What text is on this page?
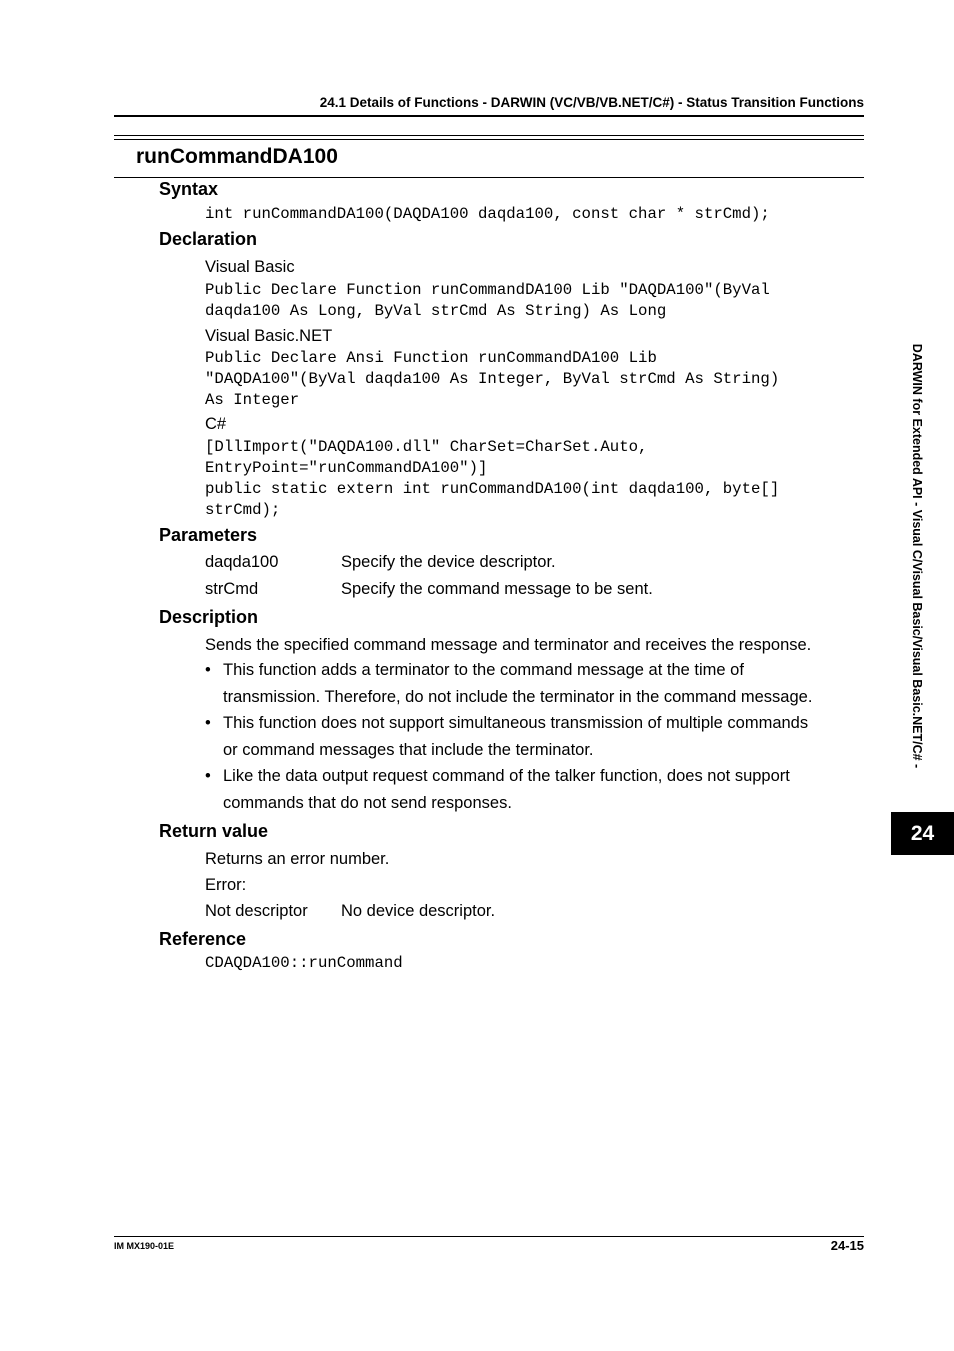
24.1 Details of Functions - DARWIN (VC/VB/VB.NET/C#) - Status Transition Functions
runCommandDA100
Syntax
int runCommandDA100(DAQDA100 daqda100, const char * strCmd);
Declaration
Visual Basic
Public Declare Function runCommandDA100 Lib "DAQDA100"(ByVal
daqda100 As Long, ByVal strCmd As String) As Long
Visual Basic.NET
Public Declare Ansi Function runCommandDA100 Lib
"DAQDA100"(ByVal daqda100 As Integer, ByVal strCmd As String)
As Integer
C#
[DllImport("DAQDA100.dll" CharSet=CharSet.Auto,
EntryPoint="runCommandDA100")]
public static extern int runCommandDA100(int daqda100, byte[]
strCmd);
Parameters
daqda100	Specify the device descriptor.
strCmd	Specify the command message to be sent.
Description
Sends the specified command message and terminator and receives the response.
• This function adds a terminator to the command message at the time of
transmission. Therefore, do not include the terminator in the command message.
• This function does not support simultaneous transmission of multiple commands
or command messages that include the terminator.
• Like the data output request command of the talker function, does not support
commands that do not send responses.
Return value
Returns an error number.
Error:
Not descriptor No device descriptor.
Reference
CDAQDA100::runCommand
DARWIN for Extended API - Visual C/Visual Basic/Visual Basic.NET/C# -
24
IM MX190-01E	24-15
